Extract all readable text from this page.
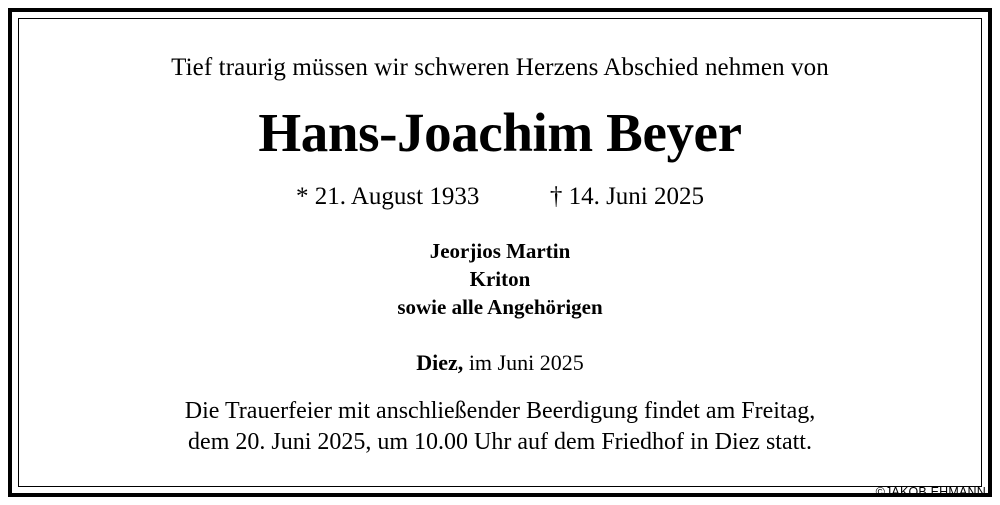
Tief traurig müssen wir schweren Herzens Abschied nehmen von

Hans-Joachim Beyer

* 21. August 1933	† 14. Juni 2025

Jeorjios Martin
Kriton
sowie alle Angehörigen

Diez, im Juni 2025

Die Trauerfeier mit anschließender Beerdigung findet am Freitag,
dem 20. Juni 2025, um 10.00 Uhr auf dem Friedhof in Diez statt.

©JAKOB EHMANN
